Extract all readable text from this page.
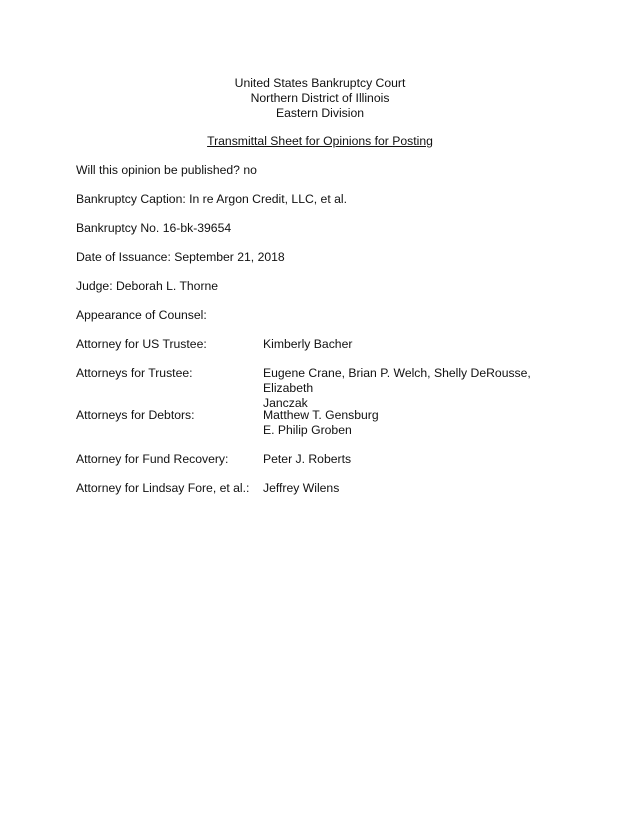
United States Bankruptcy Court
Northern District of Illinois
Eastern Division
Transmittal Sheet for Opinions for Posting
Will this opinion be published? no
Bankruptcy Caption: In re Argon Credit, LLC, et al.
Bankruptcy No. 16-bk-39654
Date of Issuance: September 21, 2018
Judge: Deborah L. Thorne
Appearance of Counsel:
Attorney for US Trustee:	Kimberly Bacher
Attorneys for Trustee:	Eugene Crane, Brian P. Welch, Shelly DeRousse, Elizabeth
Janczak
Attorneys for Debtors:	Matthew T. Gensburg
E. Philip Groben
Attorney for Fund Recovery:	Peter J. Roberts
Attorney for Lindsay Fore, et al.:	Jeffrey Wilens
